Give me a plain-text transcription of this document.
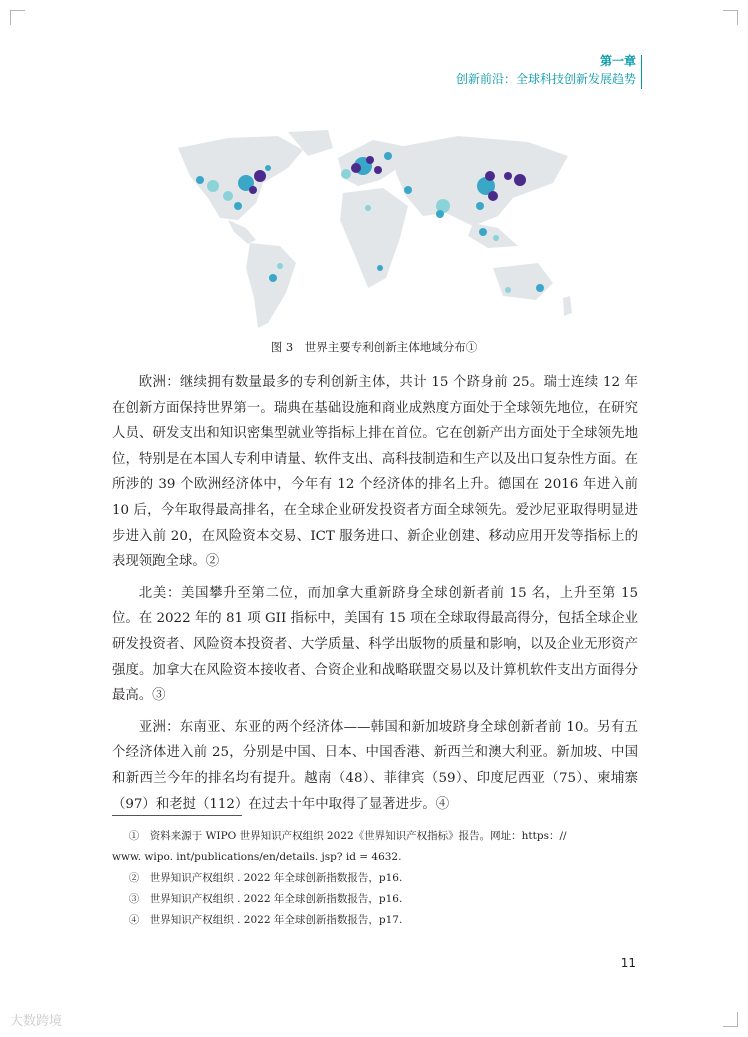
第一章
创新前沿：全球科技创新发展趋势
图 3　世界主要专利创新主体地域分布①

欧洲：继续拥有数量最多的专利创新主体，共计 15 个跻身前 25。瑞士连续 12 年在创新方面保持世界第一。瑞典在基础设施和商业成熟度方面处于全球领先地位，在研究人员、研发支出和知识密集型就业等指标上排在首位。它在创新产出方面处于全球领先地位，特别是在本国人专利申请量、软件支出、高科技制造和生产以及出口复杂性方面。在所涉的 39 个欧洲经济体中，今年有 12 个经济体的排名上升。德国在 2016 年进入前 10 后，今年取得最高排名，在全球企业研发投资者方面全球领先。爱沙尼亚取得明显进步进入前 20，在风险资本交易、ICT 服务进口、新企业创建、移动应用开发等指标上的表现领跑全球。②

北美：美国攀升至第二位，而加拿大重新跻身全球创新者前 15 名，上升至第 15 位。在 2022 年的 81 项 GII 指标中，美国有 15 项在全球取得最高得分，包括全球企业研发投资者、风险资本投资者、大学质量、科学出版物的质量和影响，以及企业无形资产强度。加拿大在风险资本接收者、合资企业和战略联盟交易以及计算机软件支出方面得分最高。③

亚洲：东南亚、东亚的两个经济体——韩国和新加坡跻身全球创新者前 10。另有五个经济体进入前 25，分别是中国、日本、中国香港、新西兰和澳大利亚。新加坡、中国和新西兰今年的排名均有提升。越南（48）、菲律宾（59）、印度尼西亚（75）、柬埔寨（97）和老挝（112）在过去十年中取得了显著进步。④

①　 资料来源于 WIPO 世界知识产权组织 2022《世界知识产权指标》报告。网址：https：//
www. wipo. int/publications/en/details. jsp? id = 4632.
②　 世界知识产权组织 . 2022 年全球创新指数报告，p16.
③　 世界知识产权组织 . 2022 年全球创新指数报告，p16.
④　 世界知识产权组织 . 2022 年全球创新指数报告，p17.
11
大数跨境
